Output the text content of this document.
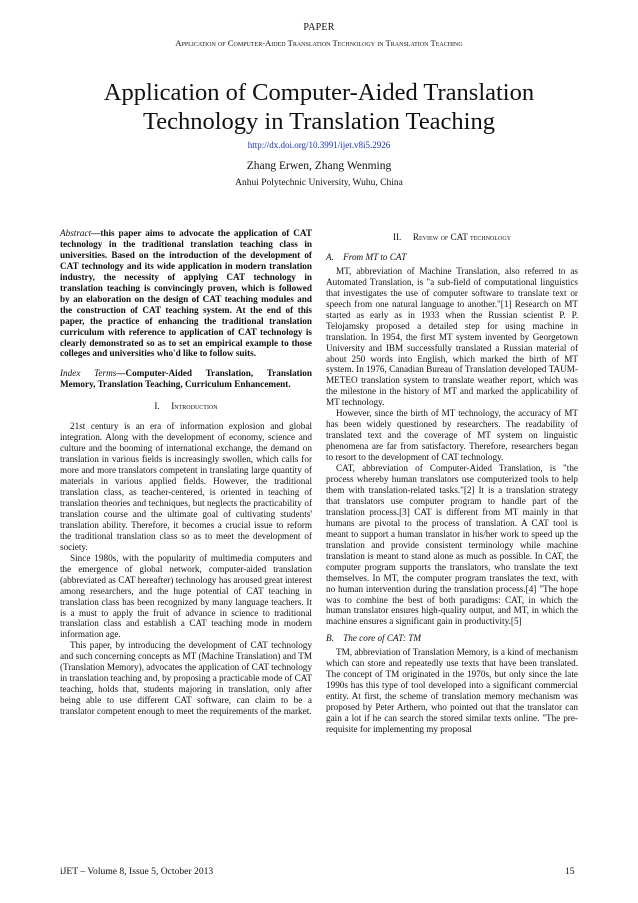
PAPER
Application of Computer-Aided Translation Technology in Translation Teaching
Application of Computer-Aided Translation Technology in Translation Teaching
http://dx.doi.org/10.3991/ijet.v8i5.2926
Zhang Erwen, Zhang Wenming
Anhui Polytechnic University, Wuhu, China

Abstract—this paper aims to advocate the application of CAT technology in the traditional translation teaching class in universities. Based on the introduction of the development of CAT technology and its wide application in modern translation industry, the necessity of applying CAT technology in translation teaching is convincingly proven, which is followed by an elaboration on the design of CAT teaching modules and the construction of CAT teaching system. At the end of this paper, the practice of enhancing the traditional translation curriculum with reference to application of CAT technology is clearly demonstrated so as to set an empirical example to those colleges and universities who'd like to follow suits.

Index Terms—Computer-Aided Translation, Translation Memory, Translation Teaching, Curriculum Enhancement.

I.     Introduction

21st century is an era of information explosion and global integration. Along with the development of economy, science and culture and the booming of international exchange, the demand on translation in various fields is increasingly swollen, which calls for more and more translators competent in translating large quantity of materials in various applied fields. However, the traditional translation class, as teacher-centered, is oriented in teaching of translation theories and techniques, but neglects the practicability of translation course and the ultimate goal of cultivating students' translation ability. Therefore, it becomes a crucial issue to reform the traditional translation class so as to meet the development of society.

Since 1980s, with the popularity of multimedia computers and the emergence of global network, computer-aided translation (abbreviated as CAT hereafter) technology has aroused great interest among researchers, and the huge potential of CAT teaching in translation class has been recognized by many language teachers. It is a must to apply the fruit of advance in science to traditional translation class and establish a CAT teaching mode in modern information age.

This paper, by introducing the development of CAT technology and such concerning concepts as MT (Machine Translation) and TM (Translation Memory), advocates the application of CAT technology in translation teaching and, by proposing a practicable mode of CAT teaching, holds that, students majoring in translation, only after being able to use different CAT software, can claim to be a translator competent enough to meet the requirements of the market.

II.     Review of CAT technology
A.    From MT to CAT

MT, abbreviation of Machine Translation, also referred to as Automated Translation, is "a sub-field of computational linguistics that investigates the use of computer software to translate text or speech from one natural language to another."[1] Research on MT started as early as in 1933 when the Russian scientist P. P. Telojamsky proposed a detailed step for using machine in translation. In 1954, the first MT system invented by Georgetown University and IBM successfully translated a Russian material of about 250 words into English, which marked the birth of MT system. In 1976, Canadian Bureau of Translation developed TAUM-METEO translation system to translate weather report, which was the milestone in the history of MT and marked the applicability of MT technology.

However, since the birth of MT technology, the accuracy of MT has been widely questioned by researchers. The readability of translated text and the coverage of MT system on linguistic phenomena are far from satisfactory. Therefore, researchers began to resort to the development of CAT technology.

CAT, abbreviation of Computer-Aided Translation, is "the process whereby human translators use computerized tools to help them with translation-related tasks."[2] It is a translation strategy that translators use computer program to handle part of the translation process.[3] CAT is different from MT mainly in that humans are pivotal to the process of translation. A CAT tool is meant to support a human translator in his/her work to speed up the translation and provide consistent terminology while machine translation is meant to stand alone as much as possible. In CAT, the computer program supports the translators, who translate the text themselves. In MT, the computer program translates the text, with no human intervention during the translation process.[4] "The hope was to combine the best of both paradigms: CAT, in which the human translator ensures high-quality output, and MT, in which the machine ensures a significant gain in productivity.[5]

B.    The core of CAT: TM

TM, abbreviation of Translation Memory, is a kind of mechanism which can store and repeatedly use texts that have been translated. The concept of TM originated in the 1970s, but only since the late 1990s has this type of tool developed into a significant commercial entity. At first, the scheme of translation memory mechanism was proposed by Peter Arthern, who pointed out that the translator can gain a lot if he can search the stored similar texts online. "The pre-requisite for implementing my proposal

iJET – Volume 8, Issue 5, October 2013	15
